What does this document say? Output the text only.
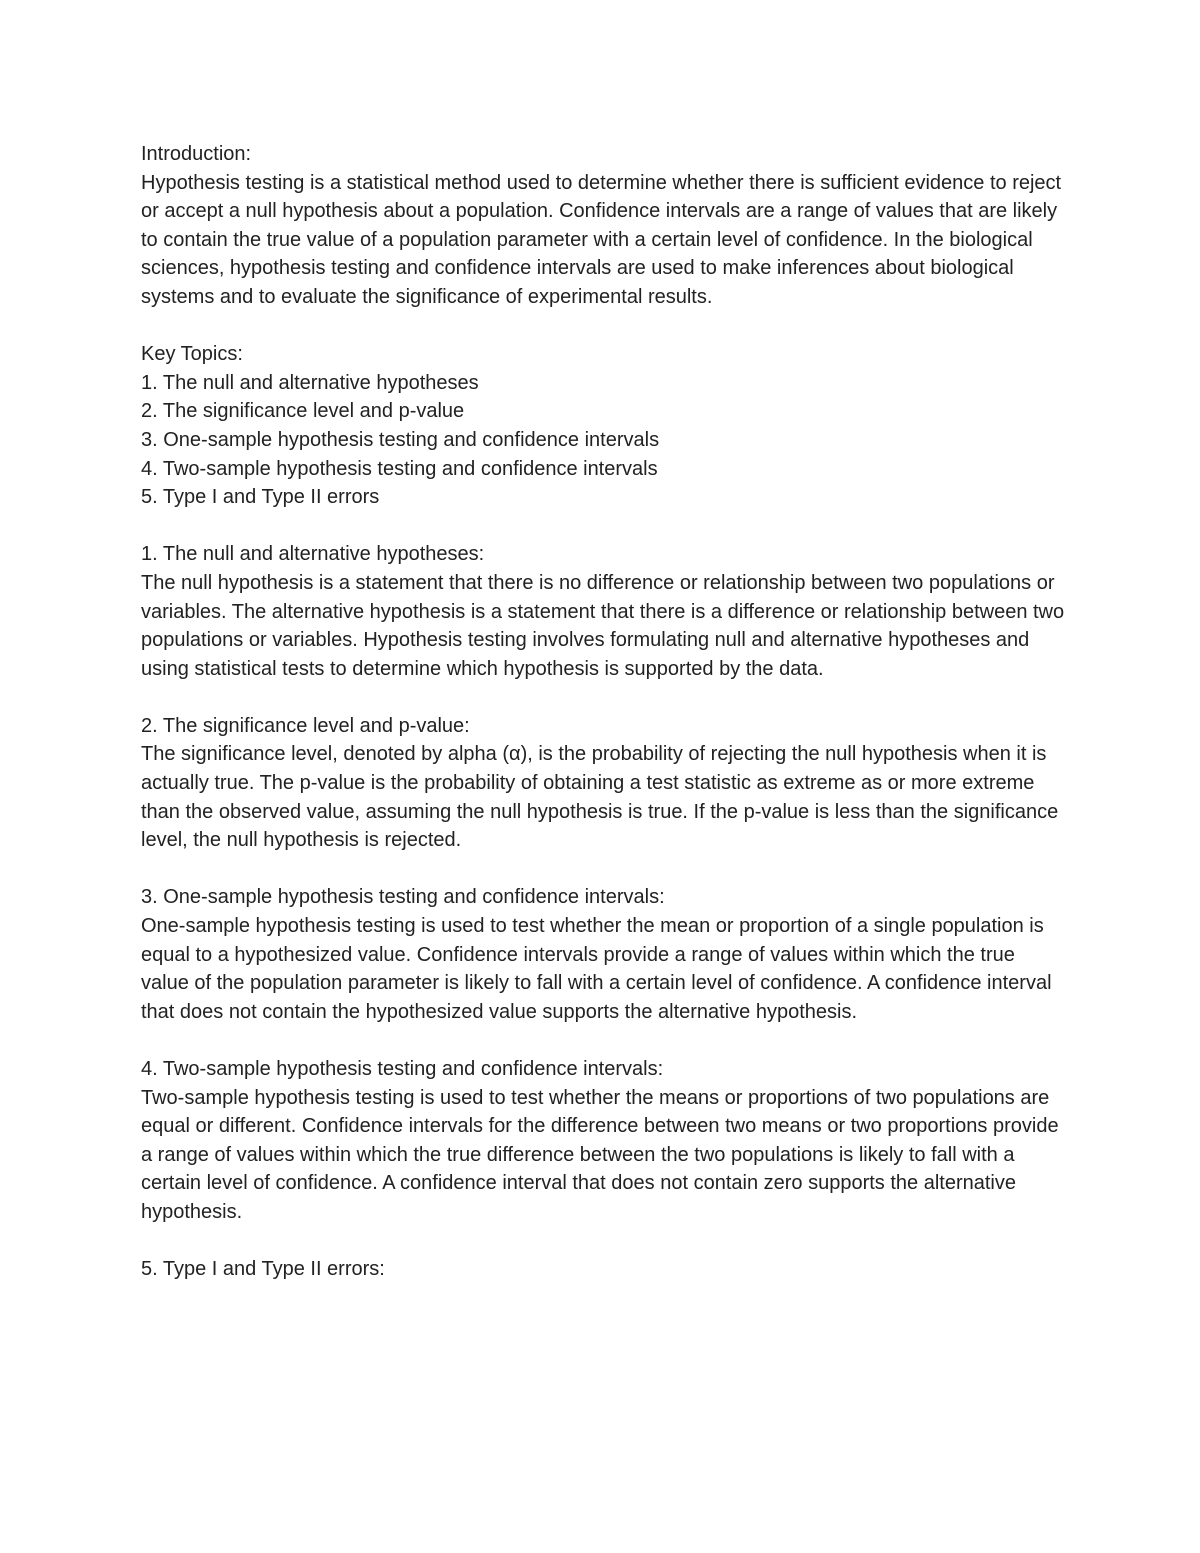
Introduction:

Hypothesis testing is a statistical method used to determine whether there is sufficient evidence to reject or accept a null hypothesis about a population. Confidence intervals are a range of values that are likely to contain the true value of a population parameter with a certain level of confidence. In the biological sciences, hypothesis testing and confidence intervals are used to make inferences about biological systems and to evaluate the significance of experimental results.

Key Topics:

1. The null and alternative hypotheses

2. The significance level and p-value

3. One-sample hypothesis testing and confidence intervals

4. Two-sample hypothesis testing and confidence intervals

5. Type I and Type II errors

1. The null and alternative hypotheses:

The null hypothesis is a statement that there is no difference or relationship between two populations or variables. The alternative hypothesis is a statement that there is a difference or relationship between two populations or variables. Hypothesis testing involves formulating null and alternative hypotheses and using statistical tests to determine which hypothesis is supported by the data.

2. The significance level and p-value:

The significance level, denoted by alpha (α), is the probability of rejecting the null hypothesis when it is actually true. The p-value is the probability of obtaining a test statistic as extreme as or more extreme than the observed value, assuming the null hypothesis is true. If the p-value is less than the significance level, the null hypothesis is rejected.

3. One-sample hypothesis testing and confidence intervals:

One-sample hypothesis testing is used to test whether the mean or proportion of a single population is equal to a hypothesized value. Confidence intervals provide a range of values within which the true value of the population parameter is likely to fall with a certain level of confidence. A confidence interval that does not contain the hypothesized value supports the alternative hypothesis.

4. Two-sample hypothesis testing and confidence intervals:

Two-sample hypothesis testing is used to test whether the means or proportions of two populations are equal or different. Confidence intervals for the difference between two means or two proportions provide a range of values within which the true difference between the two populations is likely to fall with a certain level of confidence. A confidence interval that does not contain zero supports the alternative hypothesis.

5. Type I and Type II errors:
